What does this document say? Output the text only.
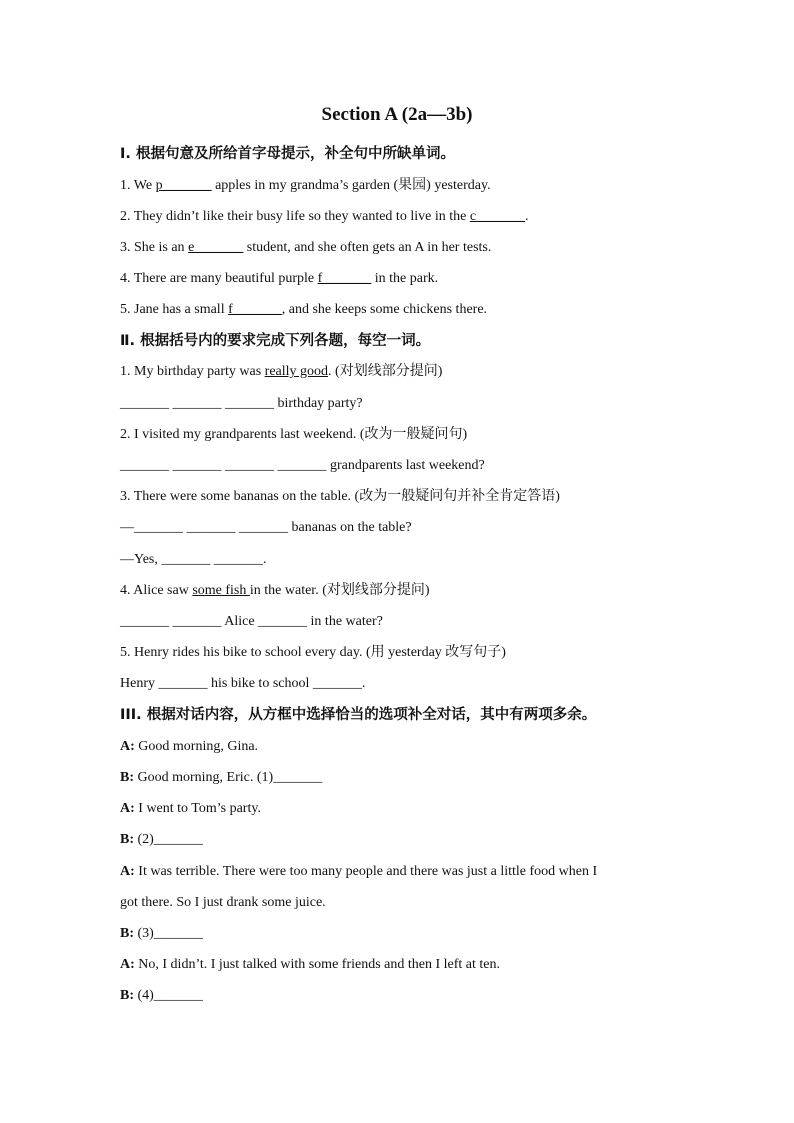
Section A (2a—3b)
Ⅰ. 根据句意及所给首字母提示，补全句中所缺单词。
1. We p_______ apples in my grandma’s garden (果园) yesterday.
2. They didn’t like their busy life so they wanted to live in the c_______.
3. She is an e_______ student, and she often gets an A in her tests.
4. There are many beautiful purple f_______ in the park.
5. Jane has a small f_______, and she keeps some chickens there.
Ⅱ. 根据括号内的要求完成下列各题，每空一词。
1. My birthday party was really good. (对划线部分提问)
_______ _______ _______ birthday party?
2. I visited my grandparents last weekend. (改为一般疑问句)
_______ _______ _______ _______ grandparents last weekend?
3. There were some bananas on the table. (改为一般疑问句并补全肯定答语)
—_______ _______ _______ bananas on the table?
—Yes, _______ _______.
4. Alice saw some fish in the water. (对划线部分提问)
_______ _______ Alice _______ in the water?
5. Henry rides his bike to school every day. (用 yesterday 改写句子)
Henry _______ his bike to school _______.
III. 根据对话内容，从方框中选择恰当的选项补全对话，其中有两项多余。
A: Good morning, Gina.
B: Good morning, Eric. (1)_______
A: I went to Tom’s party.
B: (2)_______
A: It was terrible. There were too many people and there was just a little food when I
got there. So I just drank some juice.
B: (3)_______
A: No, I didn’t. I just talked with some friends and then I left at ten.
B: (4)_______
